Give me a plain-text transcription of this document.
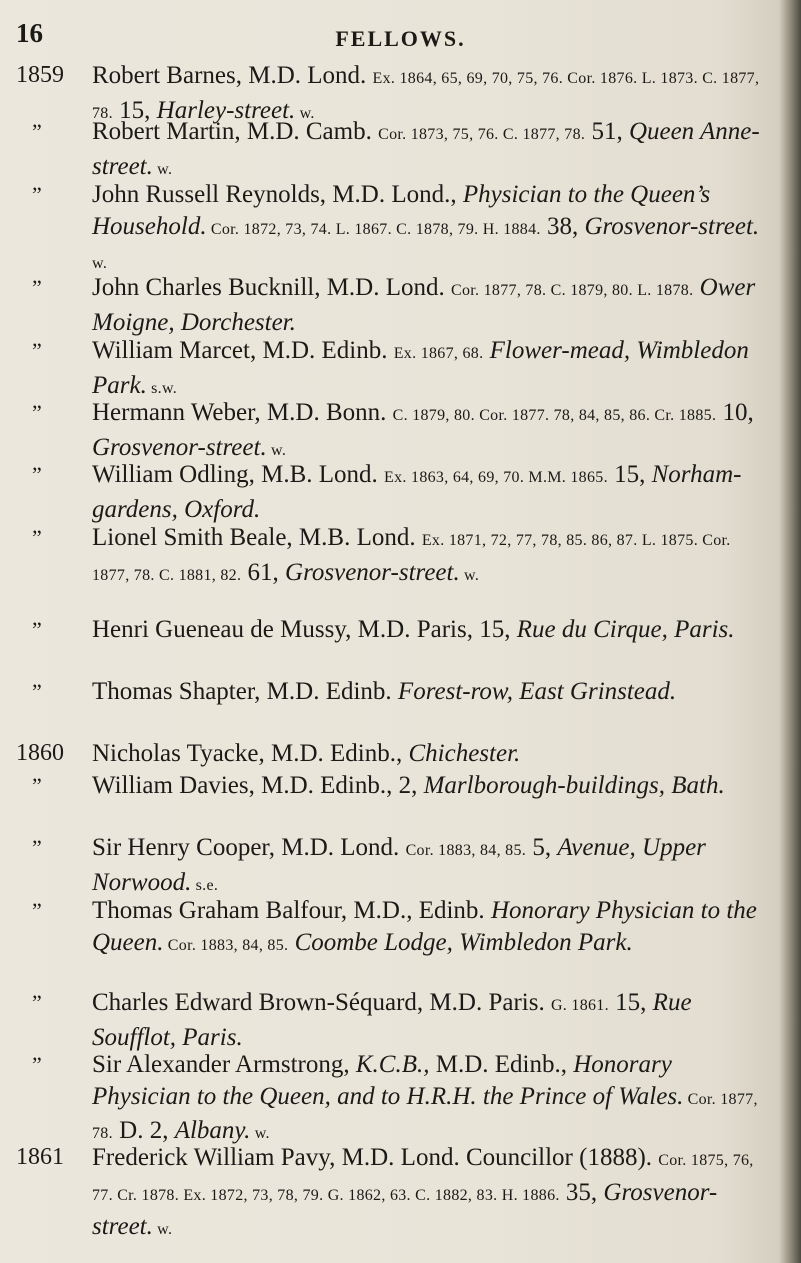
16	FELLOWS.
1859	Robert Barnes, M.D. Lond. Ex. 1864, 65, 69, 70, 75, 76. Cor. 1876. L. 1873. C. 1877, 78. 15, Harley-street. w.
” Robert Martin, M.D. Camb. Cor. 1873, 75, 76. C. 1877, 78. 51, Queen Anne-street. w.
” John Russell Reynolds, M.D. Lond., Physician to the Queen’s Household. Cor. 1872, 73, 74. L. 1867. C. 1878, 79. H. 1884. 38, Grosvenor-street. w.
” John Charles Bucknill, M.D. Lond. Cor. 1877, 78. C. 1879, 80. L. 1878. Ower Moigne, Dorchester.
” William Marcet, M.D. Edinb. Ex. 1867, 68. Flower-mead, Wimbledon Park. s.w.
” Hermann Weber, M.D. Bonn. C. 1879, 80. Cor. 1877. 78, 84, 85, 86. Cr. 1885. 10, Grosvenor-street. w.
” William Odling, M.B. Lond. Ex. 1863, 64, 69, 70. M.M. 1865. 15, Norham-gardens, Oxford.
” Lionel Smith Beale, M.B. Lond. Ex. 1871, 72, 77, 78, 85. 86, 87. L. 1875. Cor. 1877, 78. C. 1881, 82. 61, Grosvenor-street. w.
” Henri Gueneau de Mussy, M.D. Paris, 15, Rue du Cirque, Paris.
” Thomas Shapter, M.D. Edinb. Forest-row, East Grinstead.
1860	Nicholas Tyacke, M.D. Edinb., Chichester.
” William Davies, M.D. Edinb., 2, Marlborough-buildings, Bath.
” Sir Henry Cooper, M.D. Lond. Cor. 1883, 84, 85. 5, Avenue, Upper Norwood. s.e.
” Thomas Graham Balfour, M.D., Edinb. Honorary Physician to the Queen. Cor. 1883, 84, 85. Coombe Lodge, Wimbledon Park.
” Charles Edward Brown-Séquard, M.D. Paris. G. 1861. 15, Rue Soufflot, Paris.
” Sir Alexander Armstrong, K.C.B., M.D. Edinb., Honorary Physician to the Queen, and to H.R.H. the Prince of Wales. Cor. 1877, 78. D. 2, Albany. w.
1861	Frederick William Pavy, M.D. Lond. Councillor (1888). Cor. 1875, 76, 77. Cr. 1878. Ex. 1872, 73, 78, 79. G. 1862, 63. C. 1882, 83. H. 1886. 35, Grosvenor-street. w.
